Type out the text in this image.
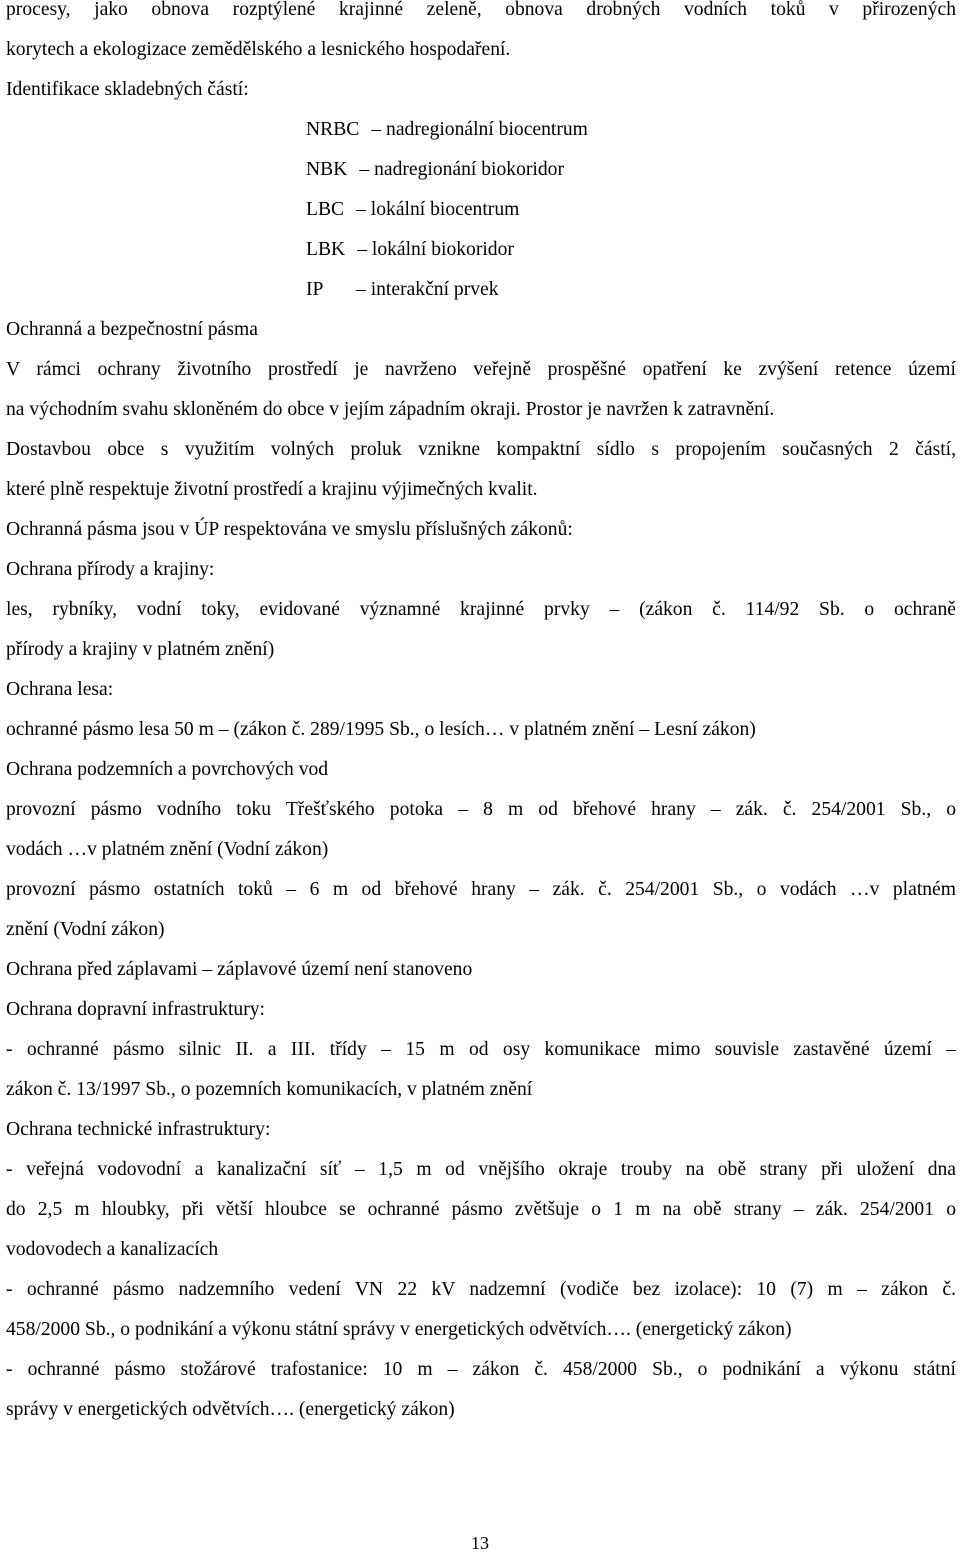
procesy, jako obnova rozptýlené krajinné zeleně, obnova drobných vodních toků v přirozených
korytech a ekologizace zemědělského a lesnického hospodaření.
Identifikace skladebných částí:
NRBC – nadregionální biocentrum
NBK – nadregionání biokoridor
LBC – lokální biocentrum
LBK – lokální biokoridor
IP	– interakční prvek
Ochranná a bezpečnostní pásma
V rámci ochrany životního prostředí je navrženo veřejně prospěšné opatření ke zvýšení retence území
na východním svahu skloněném do obce v jejím západním okraji. Prostor je navržen k zatravnění.
Dostavbou obce s využitím volných proluk vznikne kompaktní sídlo s propojením současných 2 částí,
které plně respektuje životní prostředí a krajinu výjimečných kvalit.
Ochranná pásma jsou v ÚP respektována ve smyslu příslušných zákonů:
Ochrana přírody a krajiny:
les, rybníky, vodní toky, evidované významné krajinné prvky – (zákon č. 114/92 Sb. o ochraně
přírody a krajiny v platném znění)
Ochrana lesa:
ochranné pásmo lesa 50 m – (zákon č. 289/1995 Sb., o lesích… v platném znění – Lesní zákon)
Ochrana podzemních a povrchových vod
provozní pásmo vodního toku Třešťského potoka – 8 m od břehové hrany – zák. č. 254/2001 Sb., o
vodách …v platném znění (Vodní zákon)
provozní pásmo ostatních toků – 6 m od břehové hrany – zák. č. 254/2001 Sb., o vodách …v platném
znění (Vodní zákon)
Ochrana před záplavami – záplavové území není stanoveno
Ochrana dopravní infrastruktury:
- ochranné pásmo silnic II. a III. třídy – 15 m od osy komunikace mimo souvisle zastavěné území –
zákon č. 13/1997 Sb., o pozemních komunikacích, v platném znění
Ochrana technické infrastruktury:
- veřejná vodovodní a kanalizační síť – 1,5 m od vnějšího okraje trouby na obě strany při uložení dna
do 2,5 m hloubky, při větší hloubce se ochranné pásmo zvětšuje o 1 m na obě strany – zák. 254/2001 o
vodovodech a kanalizacích
- ochranné pásmo nadzemního vedení VN 22 kV nadzemní (vodiče bez izolace): 10 (7) m – zákon č.
458/2000 Sb., o podnikání a výkonu státní správy v energetických odvětvích…. (energetický zákon)
- ochranné pásmo stožárové trafostanice: 10 m – zákon č. 458/2000 Sb., o podnikání a výkonu státní
správy v energetických odvětvích…. (energetický zákon)
13
